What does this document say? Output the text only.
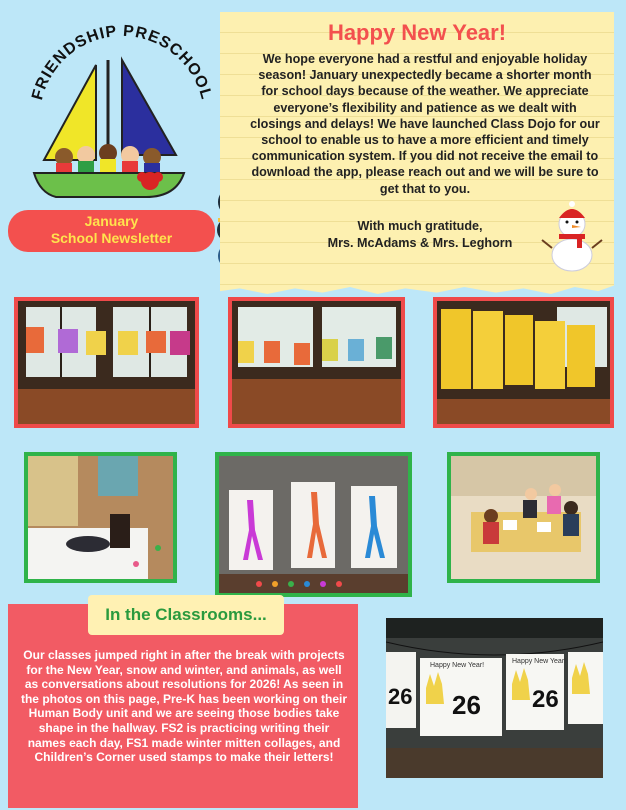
FRIENDSHIP PRESCHOOL
January
School Newsletter
Happy New Year!
We hope everyone had a restful and enjoyable holiday season! January unexpectedly became a shorter month for school days because of the weather. We appreciate everyone’s flexibility and patience as we dealt with closings and delays! We have launched Class Dojo for our school to enable us to have a more efficient and timely communication system. If you did not receive the email to download the app, please reach out and we will be sure to get that to you.
With much gratitude,
Mrs. McAdams & Mrs. Leghorn
In the Classrooms...
Our classes jumped right in after the break with projects for the New Year, snow and winter, and animals, as well as conversations about resolutions for 2026! As seen in the photos on this page, Pre-K has been working on their Human Body unit and we are seeing those bodies take shape in the hallway. FS2 is practicing writing their names each day, FS1 made winter mitten collages, and Children’s Corner used stamps to make their letters!
26 26 26
Happy New Year!
Happy New Year!
